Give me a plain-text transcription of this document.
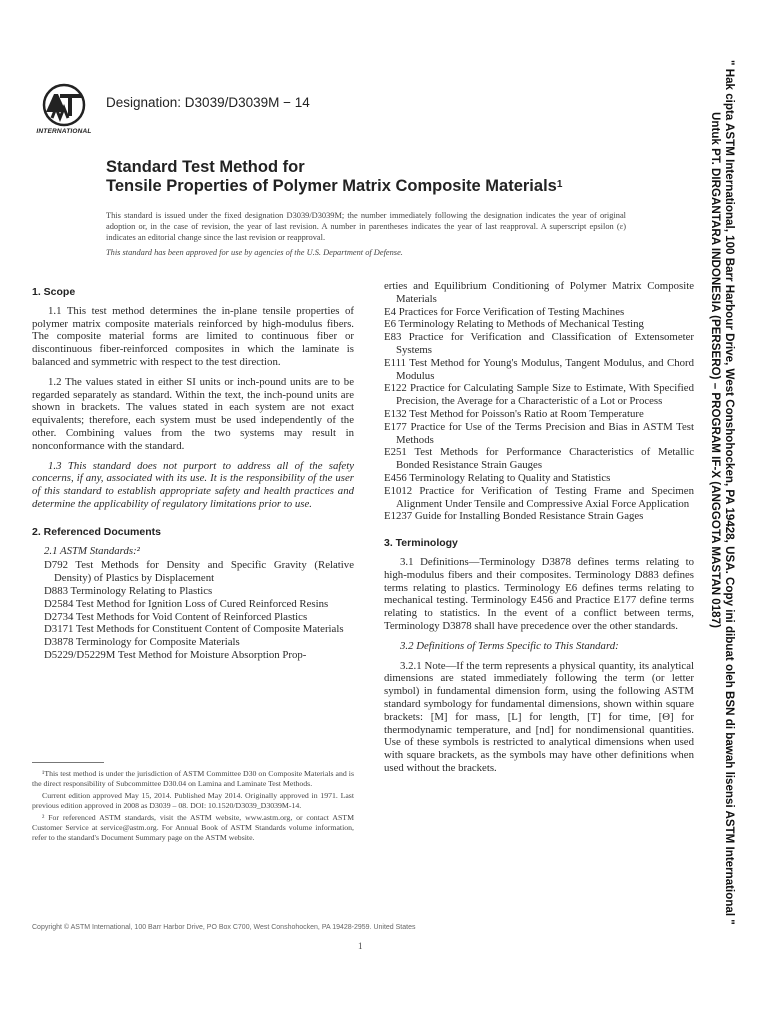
INTERNATIONAL
Designation: D3039/D3039M − 14
Standard Test Method for
Tensile Properties of Polymer Matrix Composite Materials$^1$
This standard is issued under the fixed designation D3039/D3039M; the number immediately following the designation indicates the year of original adoption or, in the case of revision, the year of last revision. A number in parentheses indicates the year of last reapproval. A superscript epsilon (ε) indicates an editorial change since the last revision or reapproval.
This standard has been approved for use by agencies of the U.S. Department of Defense.
1. Scope

1.1 This test method determines the in-plane tensile properties of polymer matrix composite materials reinforced by high-modulus fibers. The composite material forms are limited to continuous fiber or discontinuous fiber-reinforced composites in which the laminate is balanced and symmetric with respect to the test direction.

1.2 The values stated in either SI units or inch-pound units are to be regarded separately as standard. Within the text, the inch-pound units are shown in brackets. The values stated in each system are not exact equivalents; therefore, each system must be used independently of the other. Combining values from the two systems may result in nonconformance with the standard.

1.3 This standard does not purport to address all of the safety concerns, if any, associated with its use. It is the responsibility of the user of this standard to establish appropriate safety and health practices and determine the applicability of regulatory limitations prior to use.

2. Referenced Documents
2.1 ASTM Standards:²
D792 Test Methods for Density and Specific Gravity (Relative Density) of Plastics by Displacement
D883 Terminology Relating to Plastics
D2584 Test Method for Ignition Loss of Cured Reinforced Resins
D2734 Test Methods for Void Content of Reinforced Plastics
D3171 Test Methods for Constituent Content of Composite Materials
D3878 Terminology for Composite Materials
D5229/D5229M Test Method for Moisture Absorption Prop-
erties and Equilibrium Conditioning of Polymer Matrix Composite Materials
E4 Practices for Force Verification of Testing Machines
E6 Terminology Relating to Methods of Mechanical Testing
E83 Practice for Verification and Classification of Extensometer Systems
E111 Test Method for Young's Modulus, Tangent Modulus, and Chord Modulus
E122 Practice for Calculating Sample Size to Estimate, With Specified Precision, the Average for a Characteristic of a Lot or Process
E132 Test Method for Poisson's Ratio at Room Temperature
E177 Practice for Use of the Terms Precision and Bias in ASTM Test Methods
E251 Test Methods for Performance Characteristics of Metallic Bonded Resistance Strain Gauges
E456 Terminology Relating to Quality and Statistics
E1012 Practice for Verification of Testing Frame and Specimen Alignment Under Tensile and Compressive Axial Force Application
E1237 Guide for Installing Bonded Resistance Strain Gages
3. Terminology

3.1 Definitions—Terminology D3878 defines terms relating to high-modulus fibers and their composites. Terminology D883 defines terms relating to plastics. Terminology E6 defines terms relating to mechanical testing. Terminology E456 and Practice E177 define terms relating to statistics. In the event of a conflict between terms, Terminology D3878 shall have precedence over the other standards.

3.2 Definitions of Terms Specific to This Standard:

3.2.1 Note—If the term represents a physical quantity, its analytical dimensions are stated immediately following the term (or letter symbol) in fundamental dimension form, using the following ASTM standard symbology for fundamental dimensions, shown within square brackets: [M] for mass, [L] for length, [T] for time, [Θ] for thermodynamic temperature, and [nd] for nondimensional quantities. Use of these symbols is restricted to analytical dimensions when used with square brackets, as the symbols may have other definitions when used without the brackets.

¹This test method is under the jurisdiction of ASTM Committee D30 on Composite Materials and is the direct responsibility of Subcommittee D30.04 on Lamina and Laminate Test Methods.
Current edition approved May 15, 2014. Published May 2014. Originally approved in 1971. Last previous edition approved in 2008 as D3039 – 08. DOI: 10.1520/D3039_D3039M-14.
² For referenced ASTM standards, visit the ASTM website, www.astm.org, or contact ASTM Customer Service at service@astm.org. For Annual Book of ASTM Standards volume information, refer to the standard's Document Summary page on the ASTM website.
Copyright © ASTM International, 100 Barr Harbor Drive, PO Box C700, West Conshohocken, PA 19428-2959. United States
1
" Hak cipta ASTM International, 100 Barr Harbour Drive, West Conshohocken, PA 19428, USA. Copy ini dibuat oleh BSN di bawah lisensi ASTM International "
Untuk PT. DIRGANTARA INDONESIA (PERSERO) – PROGRAM IF-X (ANGGOTA MASTAN 0187)
